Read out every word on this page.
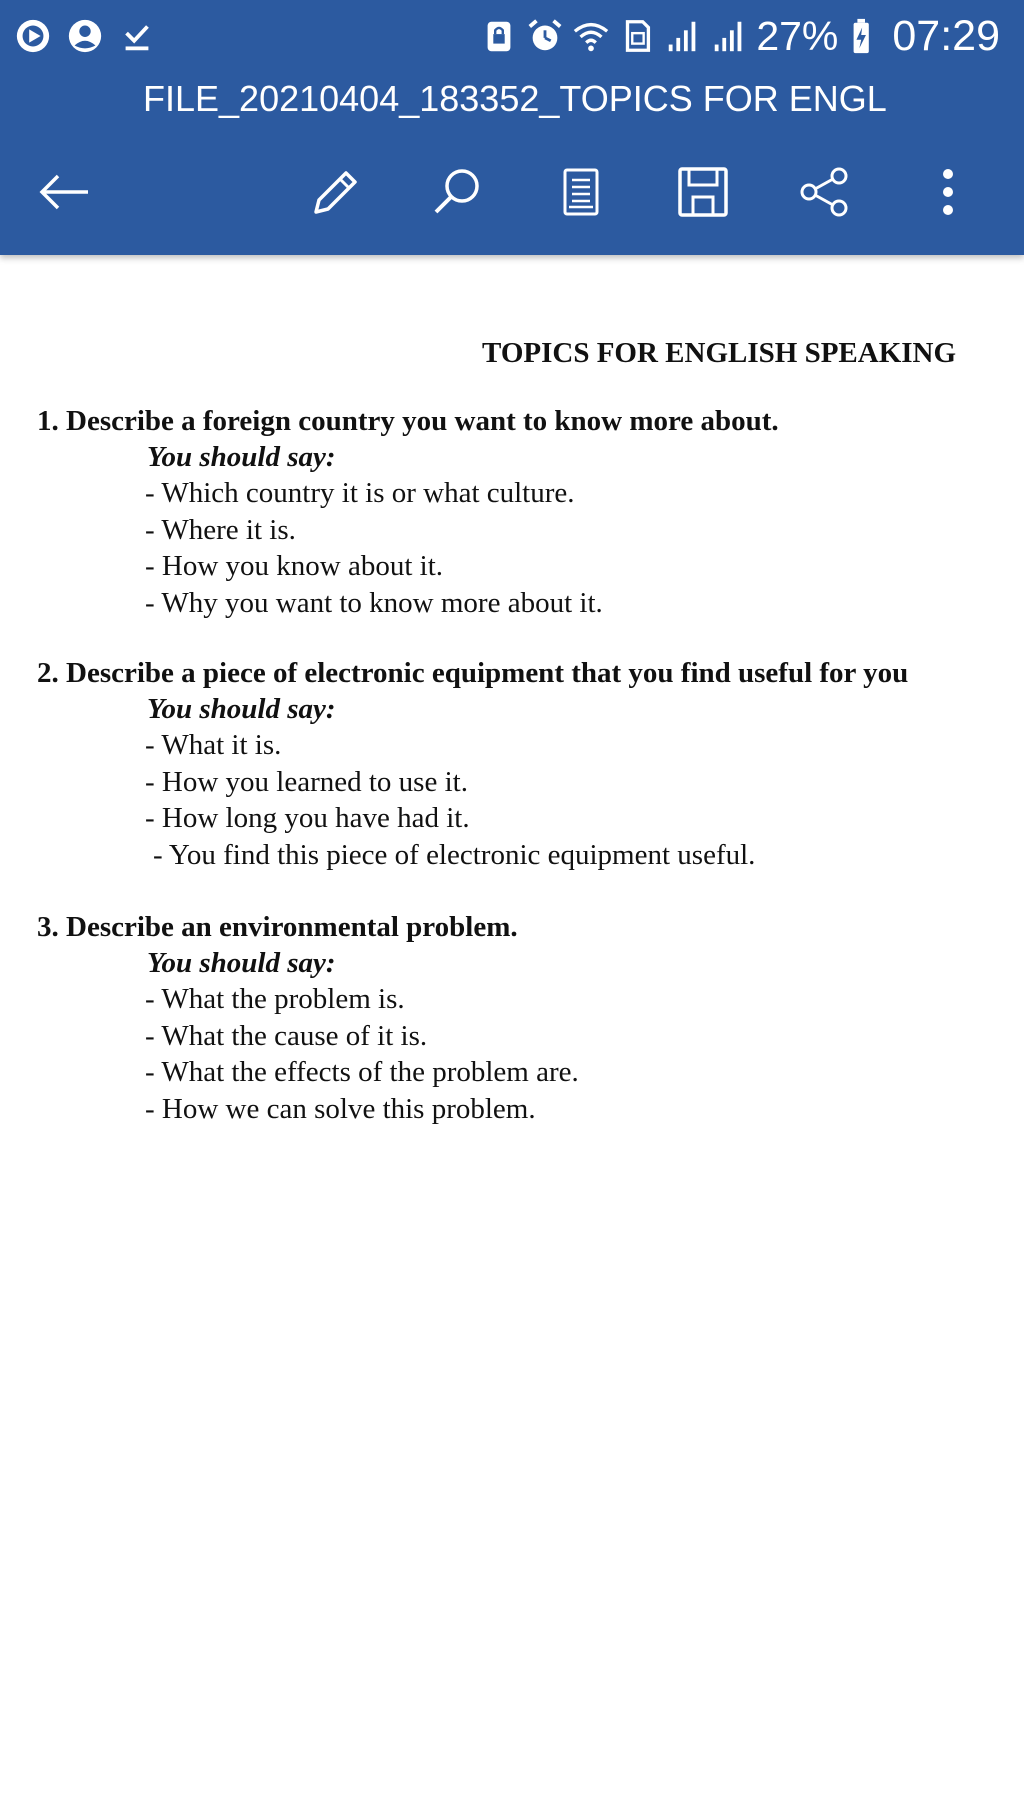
27% 07:29
FILE_20210404_183352_TOPICS FOR ENGL
TOPICS FOR ENGLISH SPEAKING
1. Describe a foreign country you want to know more about.
You should say:
- Which country it is or what culture.
- Where it is.
- How you know about it.
- Why you want to know more about it.
2. Describe a piece of electronic equipment that you find useful for you
You should say:
- What it is.
- How you learned to use it.
- How long you have had it.
- You find this piece of electronic equipment useful.
3. Describe an environmental problem.
You should say:
- What the problem is.
- What the cause of it is.
- What the effects of the problem are.
- How we can solve this problem.
